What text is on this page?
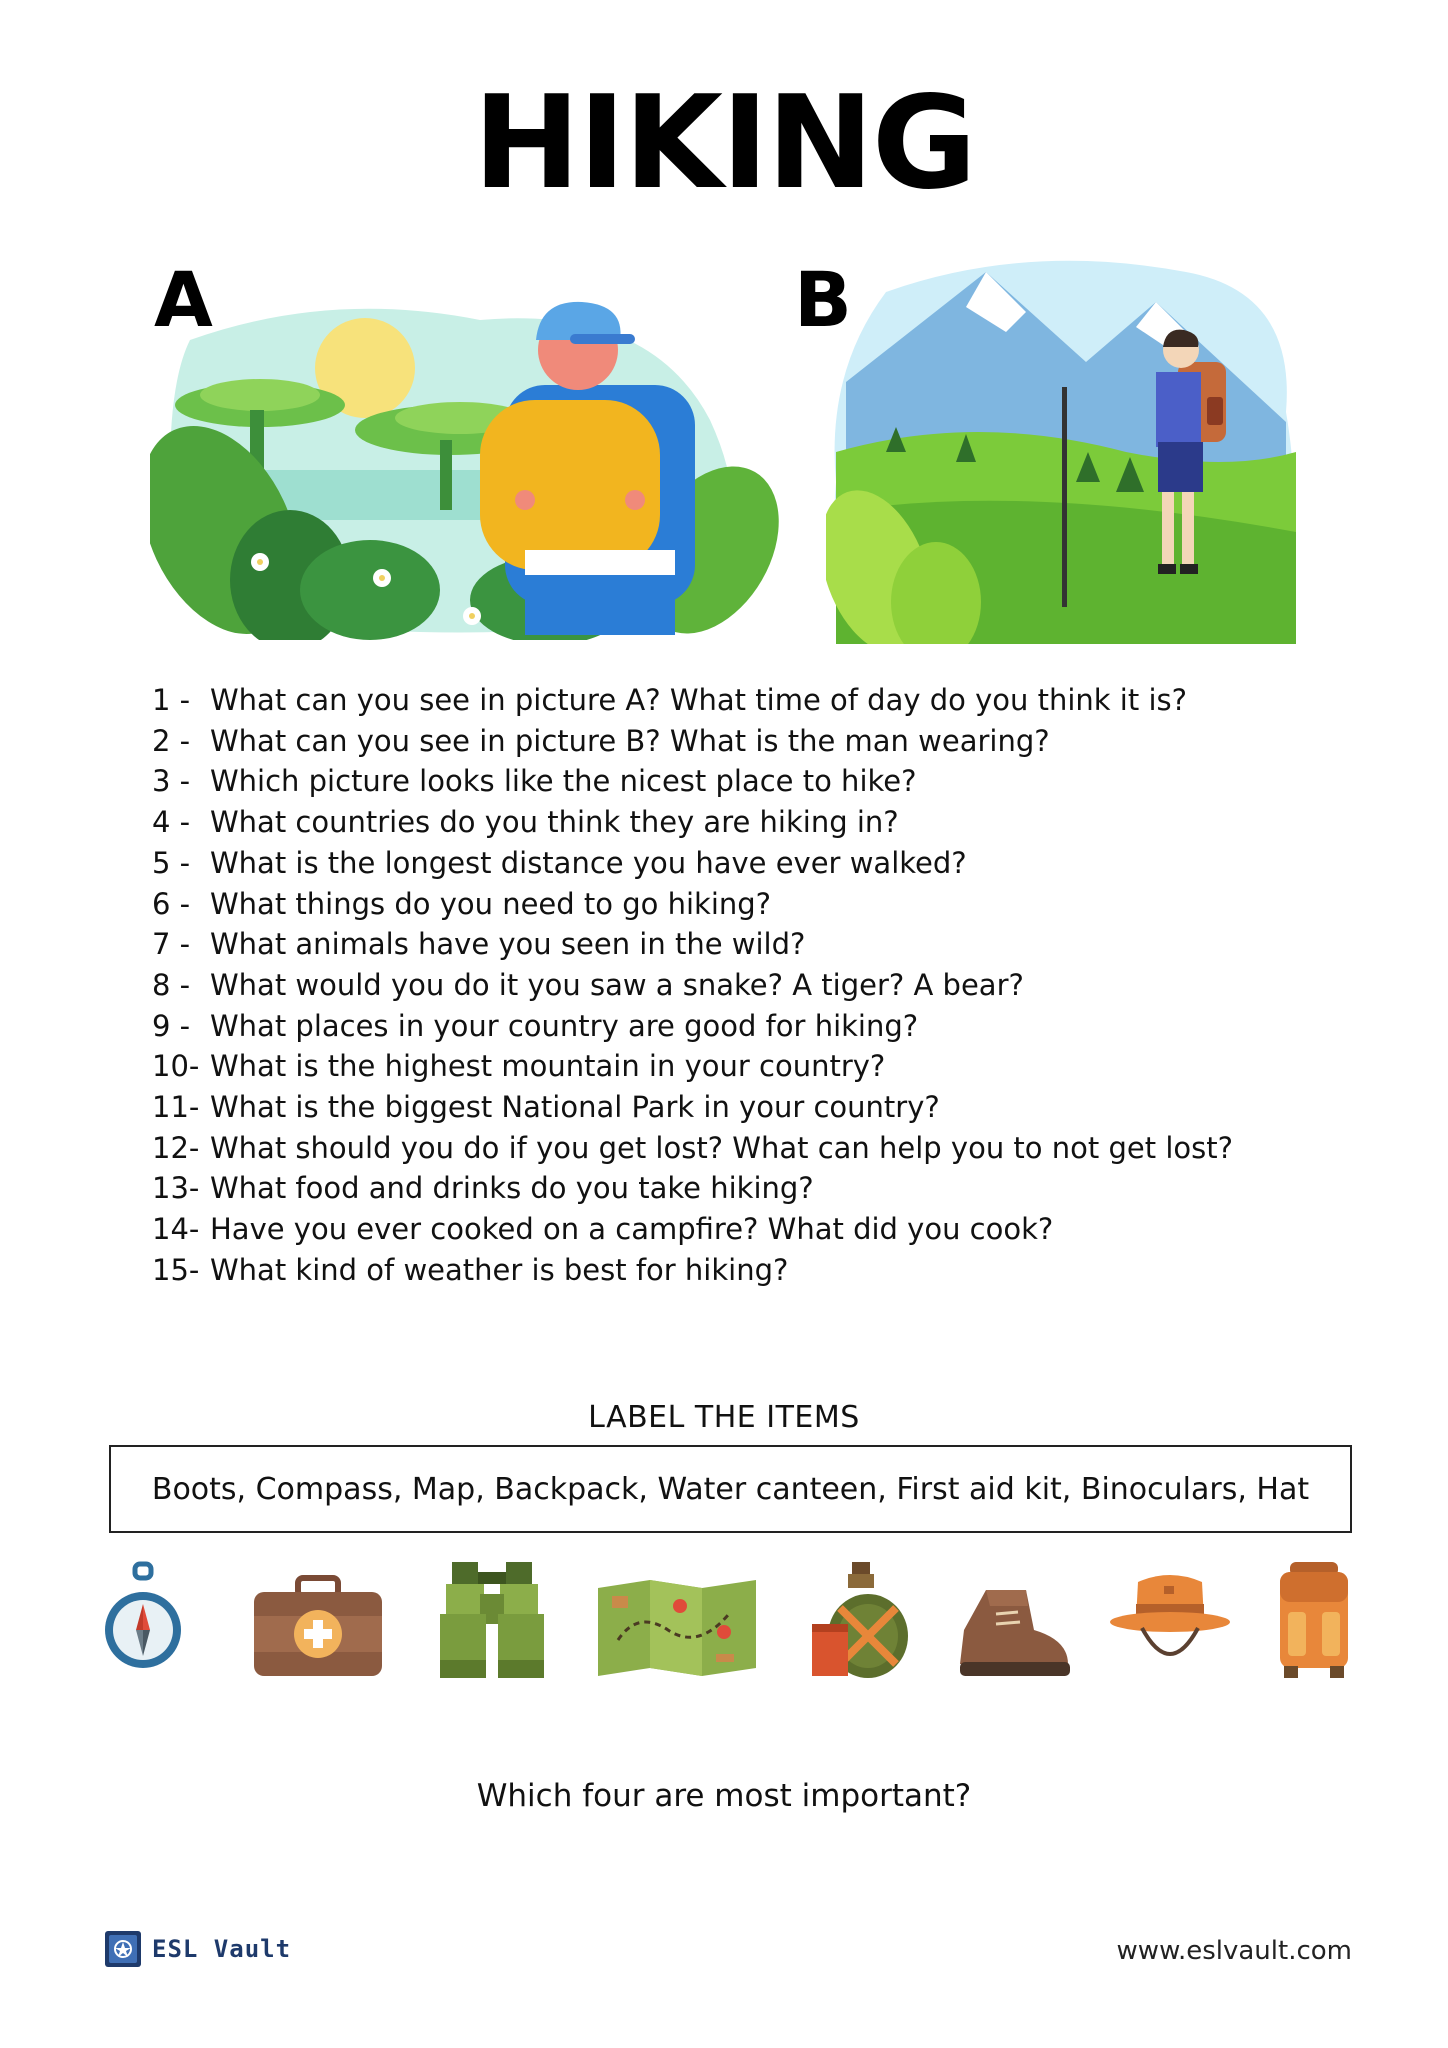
HIKING
A	B
1 - What can you see in picture A? What time of day do you think it is?
2 - What can you see in picture B? What is the man wearing?
3 - Which picture looks like the nicest place to hike?
4 - What countries do you think they are hiking in?
5 - What is the longest distance you have ever walked?
6 - What things do you need to go hiking?
7 - What animals have you seen in the wild?
8 - What would you do it you saw a snake? A tiger? A bear?
9 - What places in your country are good for hiking?
10- What is the highest mountain in your country?
11- What is the biggest National Park in your country?
12- What should you do if you get lost? What can help you to not get lost?
13- What food and drinks do you take hiking?
14- Have you ever cooked on a campfire? What did you cook?
15- What kind of weather is best for hiking?
LABEL THE ITEMS
Boots, Compass, Map, Backpack, Water canteen, First aid kit, Binoculars, Hat
Which four are most important?
ESL Vault	www.eslvault.com
